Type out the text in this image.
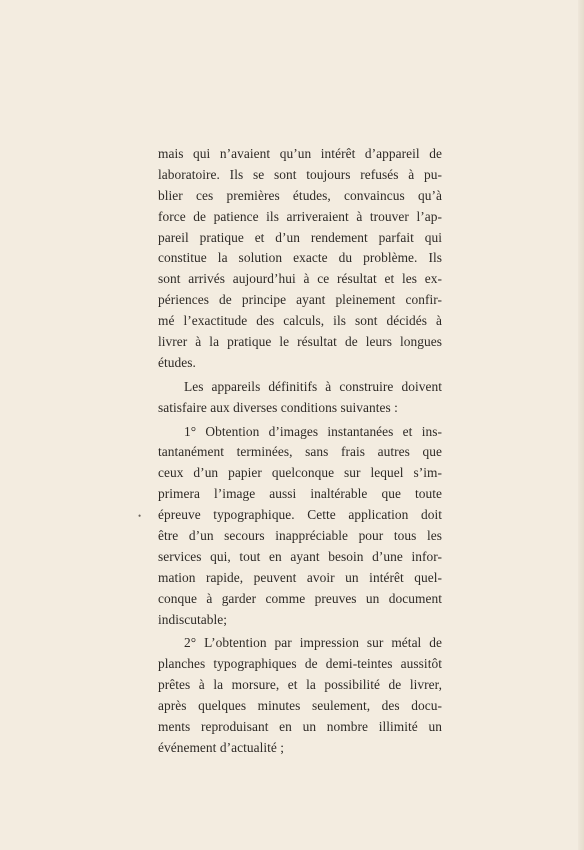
•
mais qui n’avaient qu’un intérêt d’appareil de
laboratoire. Ils se sont toujours refusés à pu-
blier ces premières études, convaincus qu’à
force de patience ils arriveraient à trouver l’ap-
pareil pratique et d’un rendement parfait qui
constitue la solution exacte du problème. Ils
sont arrivés aujourd’hui à ce résultat et les ex-
périences de principe ayant pleinement confir-
mé l’exactitude des calculs, ils sont décidés à
livrer à la pratique le résultat de leurs longues
études.
Les appareils définitifs à construire doivent
satisfaire aux diverses conditions suivantes :
1° Obtention d’images instantanées et ins-
tantanément terminées, sans frais autres que
ceux d’un papier quelconque sur lequel s’im-
primera l’image aussi inaltérable que toute
épreuve typographique. Cette application doit
être d’un secours inappréciable pour tous les
services qui, tout en ayant besoin d’une infor-
mation rapide, peuvent avoir un intérêt quel-
conque à garder comme preuves un document
indiscutable;
2° L’obtention par impression sur métal de
planches typographiques de demi-teintes aussitôt
prêtes à la morsure, et la possibilité de livrer,
après quelques minutes seulement, des docu-
ments reproduisant en un nombre illimité un
événement d’actualité ;
